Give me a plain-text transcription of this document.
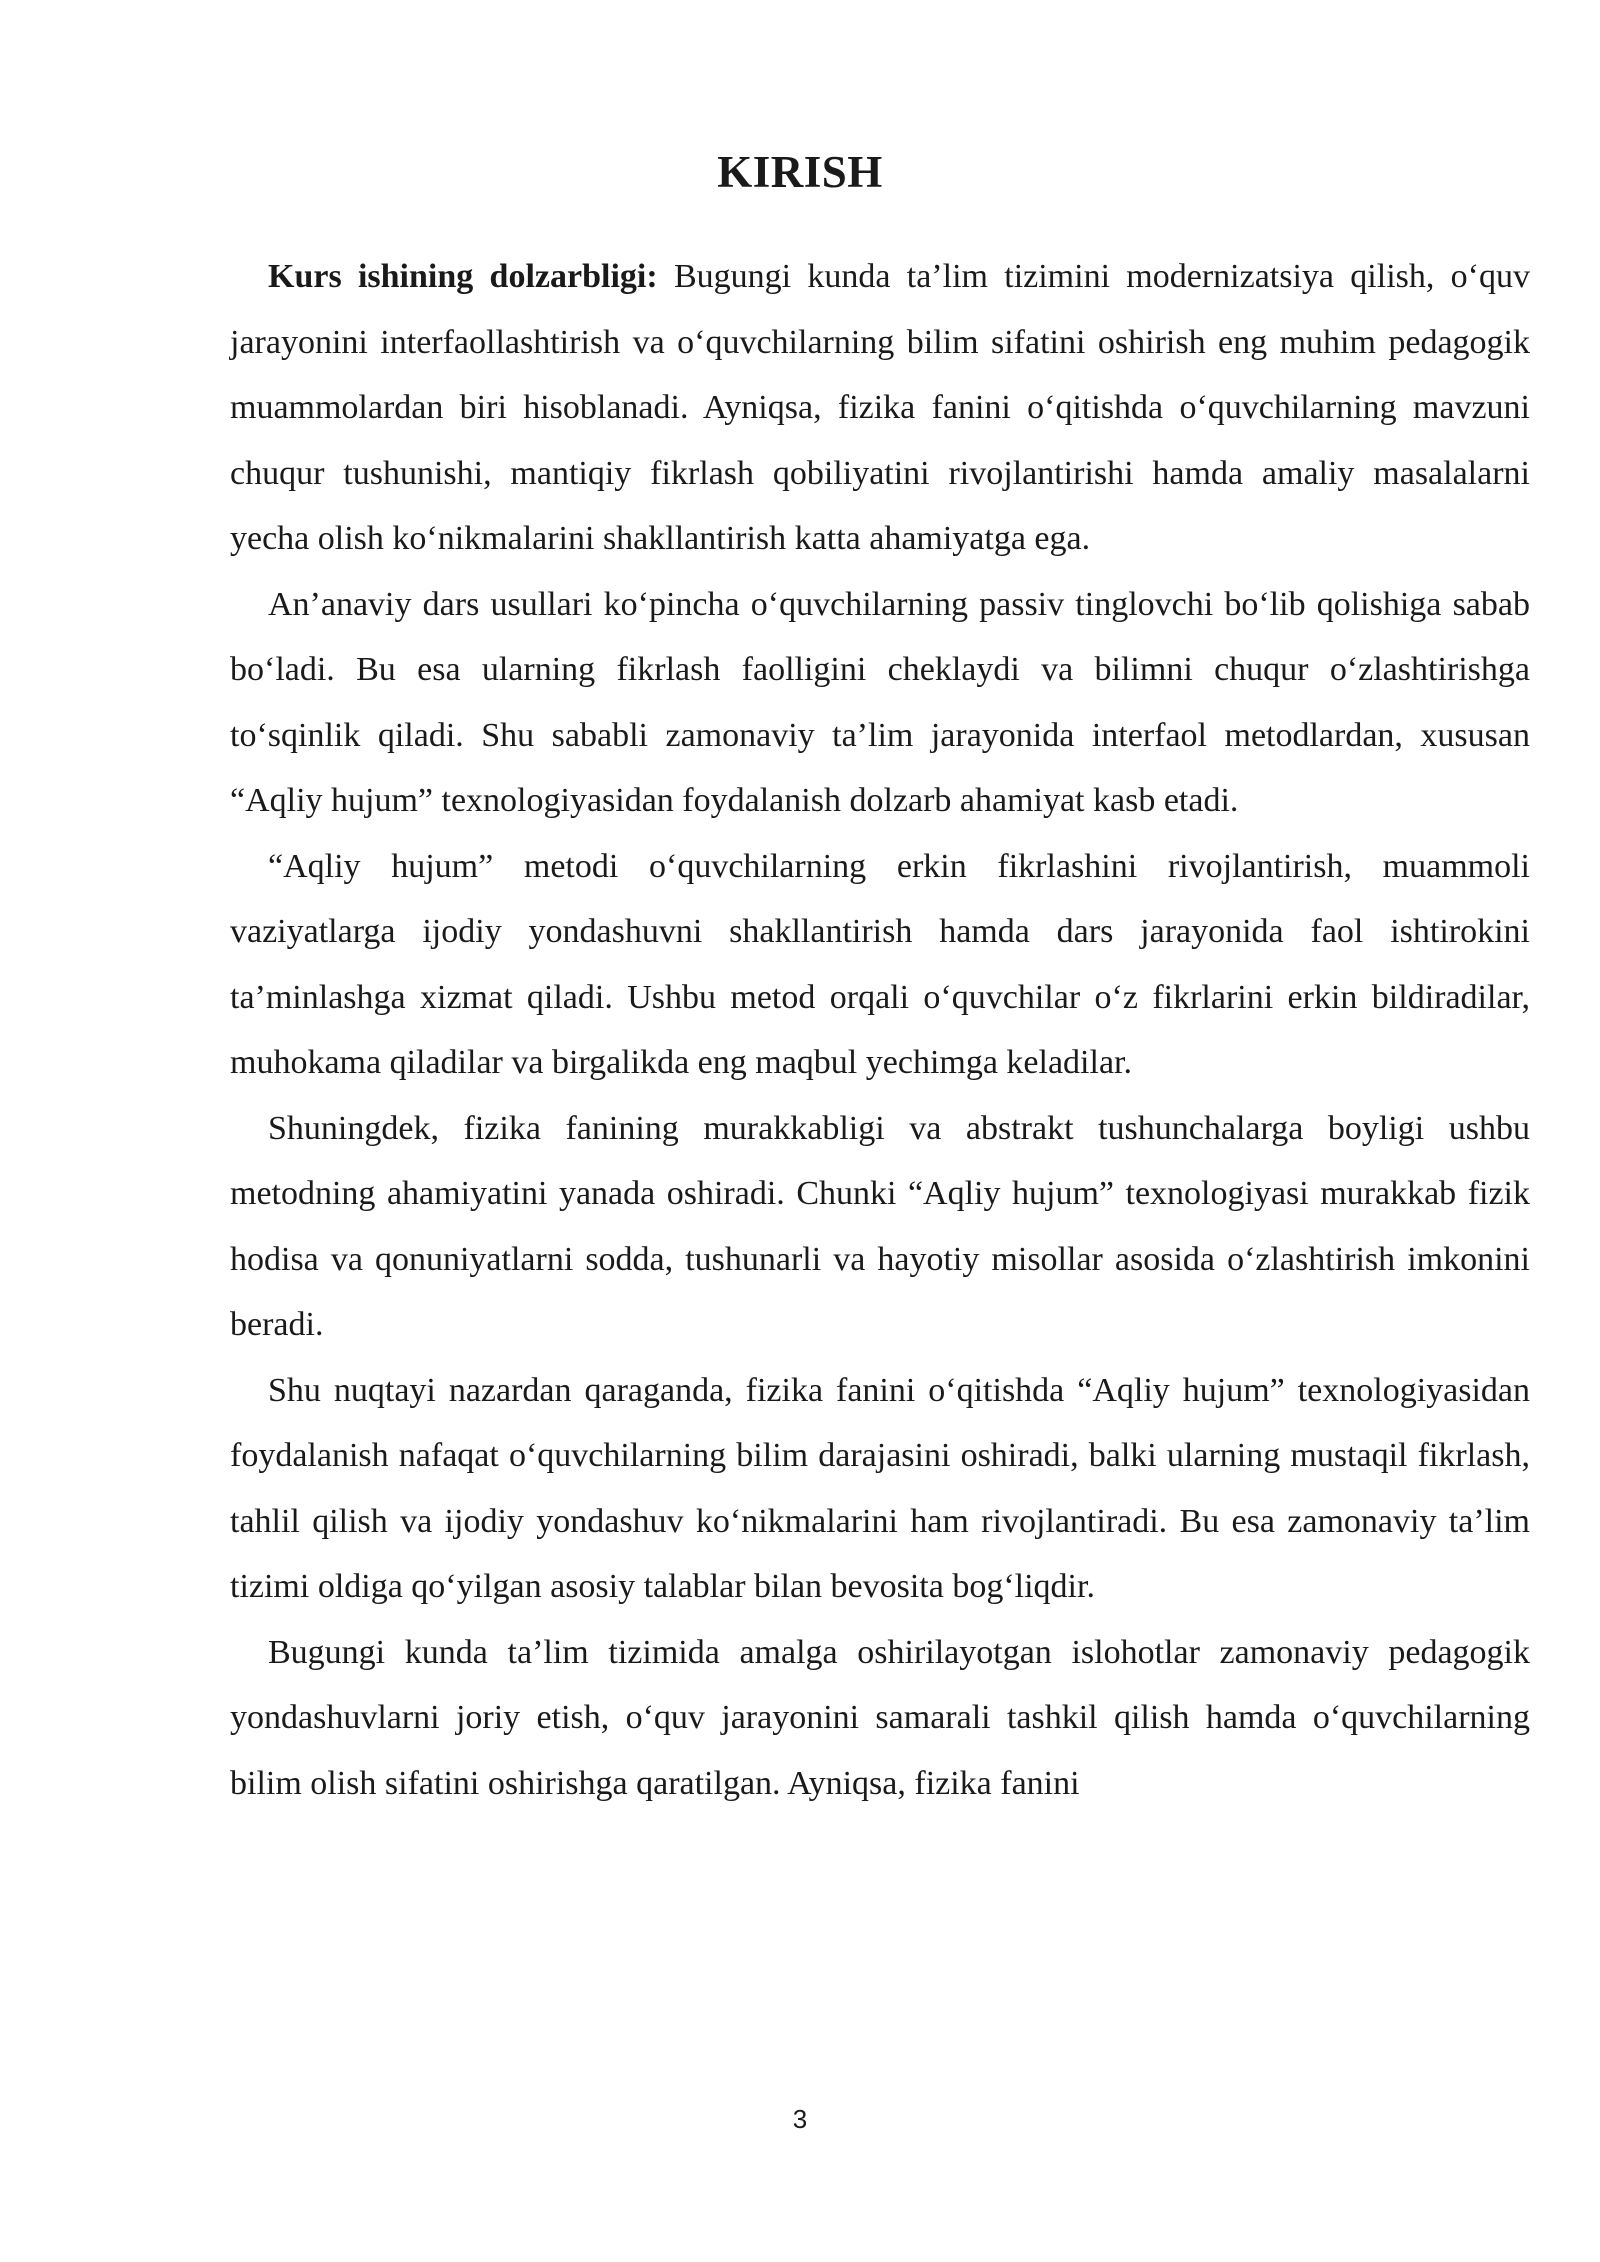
KIRISH

Kurs ishining dolzarbligi: Bugungi kunda ta’lim tizimini modernizatsiya qilish, o‘quv jarayonini interfaollashtirish va o‘quvchilarning bilim sifatini oshirish eng muhim pedagogik muammolardan biri hisoblanadi. Ayniqsa, fizika fanini o‘qitishda o‘quvchilarning mavzuni chuqur tushunishi, mantiqiy fikrlash qobiliyatini rivojlantirishi hamda amaliy masalalarni yecha olish ko‘nikmalarini shakllantirish katta ahamiyatga ega.

An’anaviy dars usullari ko‘pincha o‘quvchilarning passiv tinglovchi bo‘lib qolishiga sabab bo‘ladi. Bu esa ularning fikrlash faolligini cheklaydi va bilimni chuqur o‘zlashtirishga to‘sqinlik qiladi. Shu sababli zamonaviy ta’lim jarayonida interfaol metodlardan, xususan “Aqliy hujum” texnologiyasidan foydalanish dolzarb ahamiyat kasb etadi.

“Aqliy hujum” metodi o‘quvchilarning erkin fikrlashini rivojlantirish, muammoli vaziyatlarga ijodiy yondashuvni shakllantirish hamda dars jarayonida faol ishtirokini ta’minlashga xizmat qiladi. Ushbu metod orqali o‘quvchilar o‘z fikrlarini erkin bildiradilar, muhokama qiladilar va birgalikda eng maqbul yechimga keladilar.

Shuningdek, fizika fanining murakkabligi va abstrakt tushunchalarga boyligi ushbu metodning ahamiyatini yanada oshiradi. Chunki “Aqliy hujum” texnologiyasi murakkab fizik hodisa va qonuniyatlarni sodda, tushunarli va hayotiy misollar asosida o‘zlashtirish imkonini beradi.

Shu nuqtayi nazardan qaraganda, fizika fanini o‘qitishda “Aqliy hujum” texnologiyasidan foydalanish nafaqat o‘quvchilarning bilim darajasini oshiradi, balki ularning mustaqil fikrlash, tahlil qilish va ijodiy yondashuv ko‘nikmalarini ham rivojlantiradi. Bu esa zamonaviy ta’lim tizimi oldiga qo‘yilgan asosiy talablar bilan bevosita bog‘liqdir.

Bugungi kunda ta’lim tizimida amalga oshirilayotgan islohotlar zamonaviy pedagogik yondashuvlarni joriy etish, o‘quv jarayonini samarali tashkil qilish hamda o‘quvchilarning bilim olish sifatini oshirishga qaratilgan. Ayniqsa, fizika fanini

3
